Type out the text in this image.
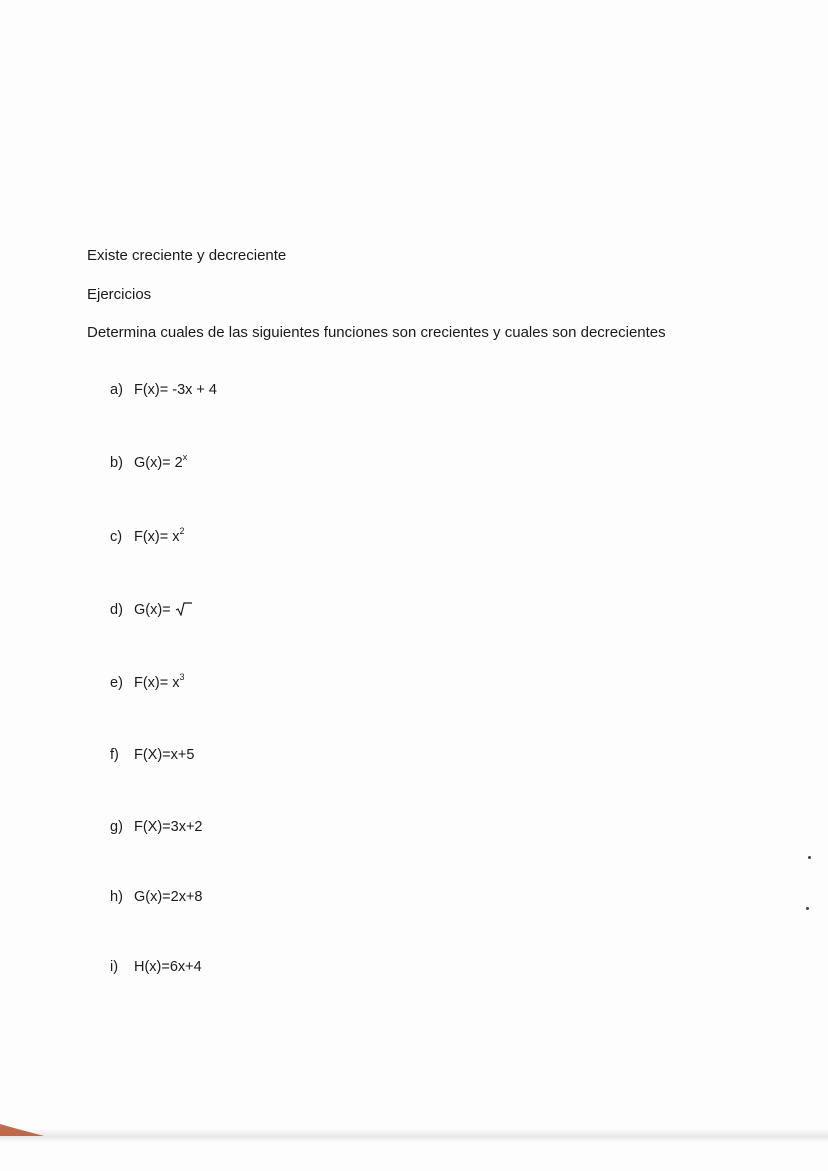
Existe creciente y decreciente
Ejercicios
Determina cuales de las siguientes funciones son crecientes y cuales son decrecientes
a) F(x)= -3x + 4
b) $G(x)= 2^x$
c) $F(x)= x^2$
d) G(x)=
e) $F(x)= x^3$
f) F(X)=x+5
g) F(X)=3x+2
h) G(x)=2x+8
i) H(x)=6x+4
